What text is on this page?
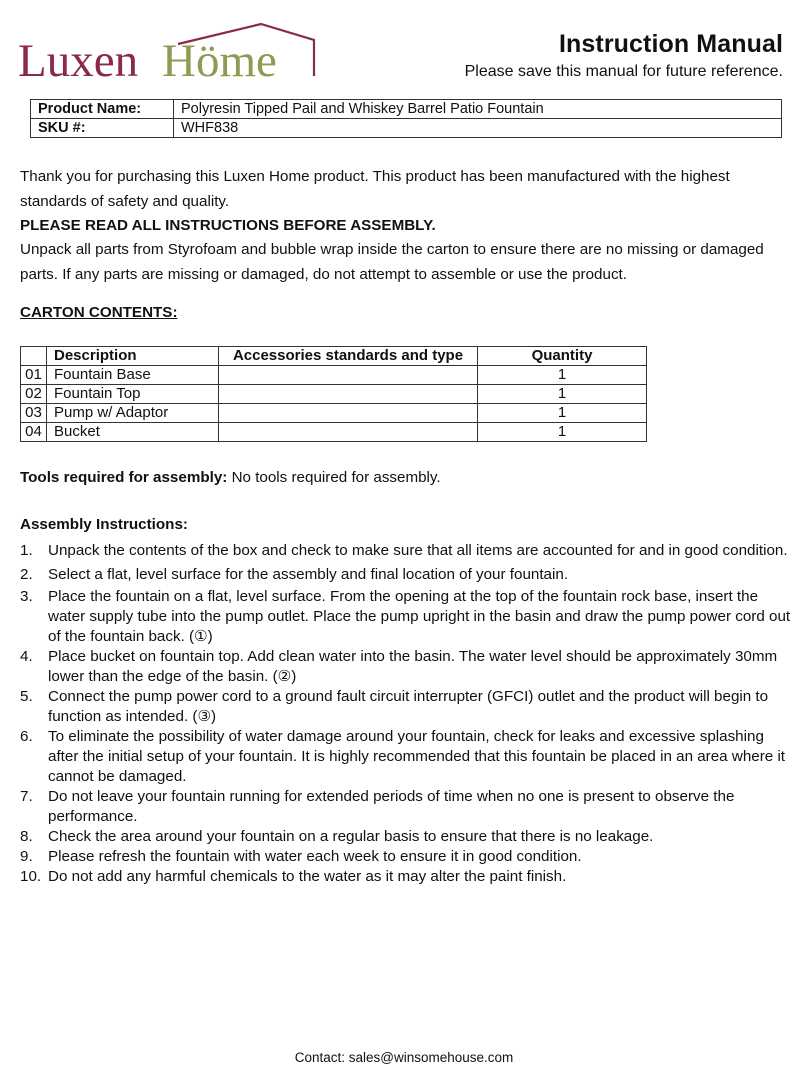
Luxen Höme	Instruction Manual

Please save this manual for future reference.

Product Name:	Polyresin Tipped Pail and Whiskey Barrel Patio Fountain
SKU #:	WHF838

Thank you for purchasing this Luxen Home product. This product has been manufactured with the highest standards of safety and quality.

PLEASE READ ALL INSTRUCTIONS BEFORE ASSEMBLY.

Unpack all parts from Styrofoam and bubble wrap inside the carton to ensure there are no missing or damaged parts. If any parts are missing or damaged, do not attempt to assemble or use the product.

CARTON CONTENTS:

	Description	Accessories standards and type	Quantity
01	Fountain Base		1
02	Fountain Top		1
03	Pump w/ Adaptor		1
04	Bucket		1

Tools required for assembly: No tools required for assembly.

Assembly Instructions:

1.	Unpack the contents of the box and check to make sure that all items are accounted for and in good condition.
2.	Select a flat, level surface for the assembly and final location of your fountain.
3.	Place the fountain on a flat, level surface. From the opening at the top of the fountain rock base, insert the water supply tube into the pump outlet. Place the pump upright in the basin and draw the pump power cord out of the fountain back. (①)
4.	Place bucket on fountain top. Add clean water into the basin. The water level should be approximately 30mm lower than the edge of the basin. (②)
5.	Connect the pump power cord to a ground fault circuit interrupter (GFCI) outlet and the product will begin to function as intended. (③)
6.	To eliminate the possibility of water damage around your fountain, check for leaks and excessive splashing after the initial setup of your fountain. It is highly recommended that this fountain be placed in an area where it cannot be damaged.
7.	Do not leave your fountain running for extended periods of time when no one is present to observe the performance.
8.	Check the area around your fountain on a regular basis to ensure that there is no leakage.
9.	Please refresh the fountain with water each week to ensure it in good condition.
10. Do not add any harmful chemicals to the water as it may alter the paint finish.

Contact: sales@winsomehouse.com
